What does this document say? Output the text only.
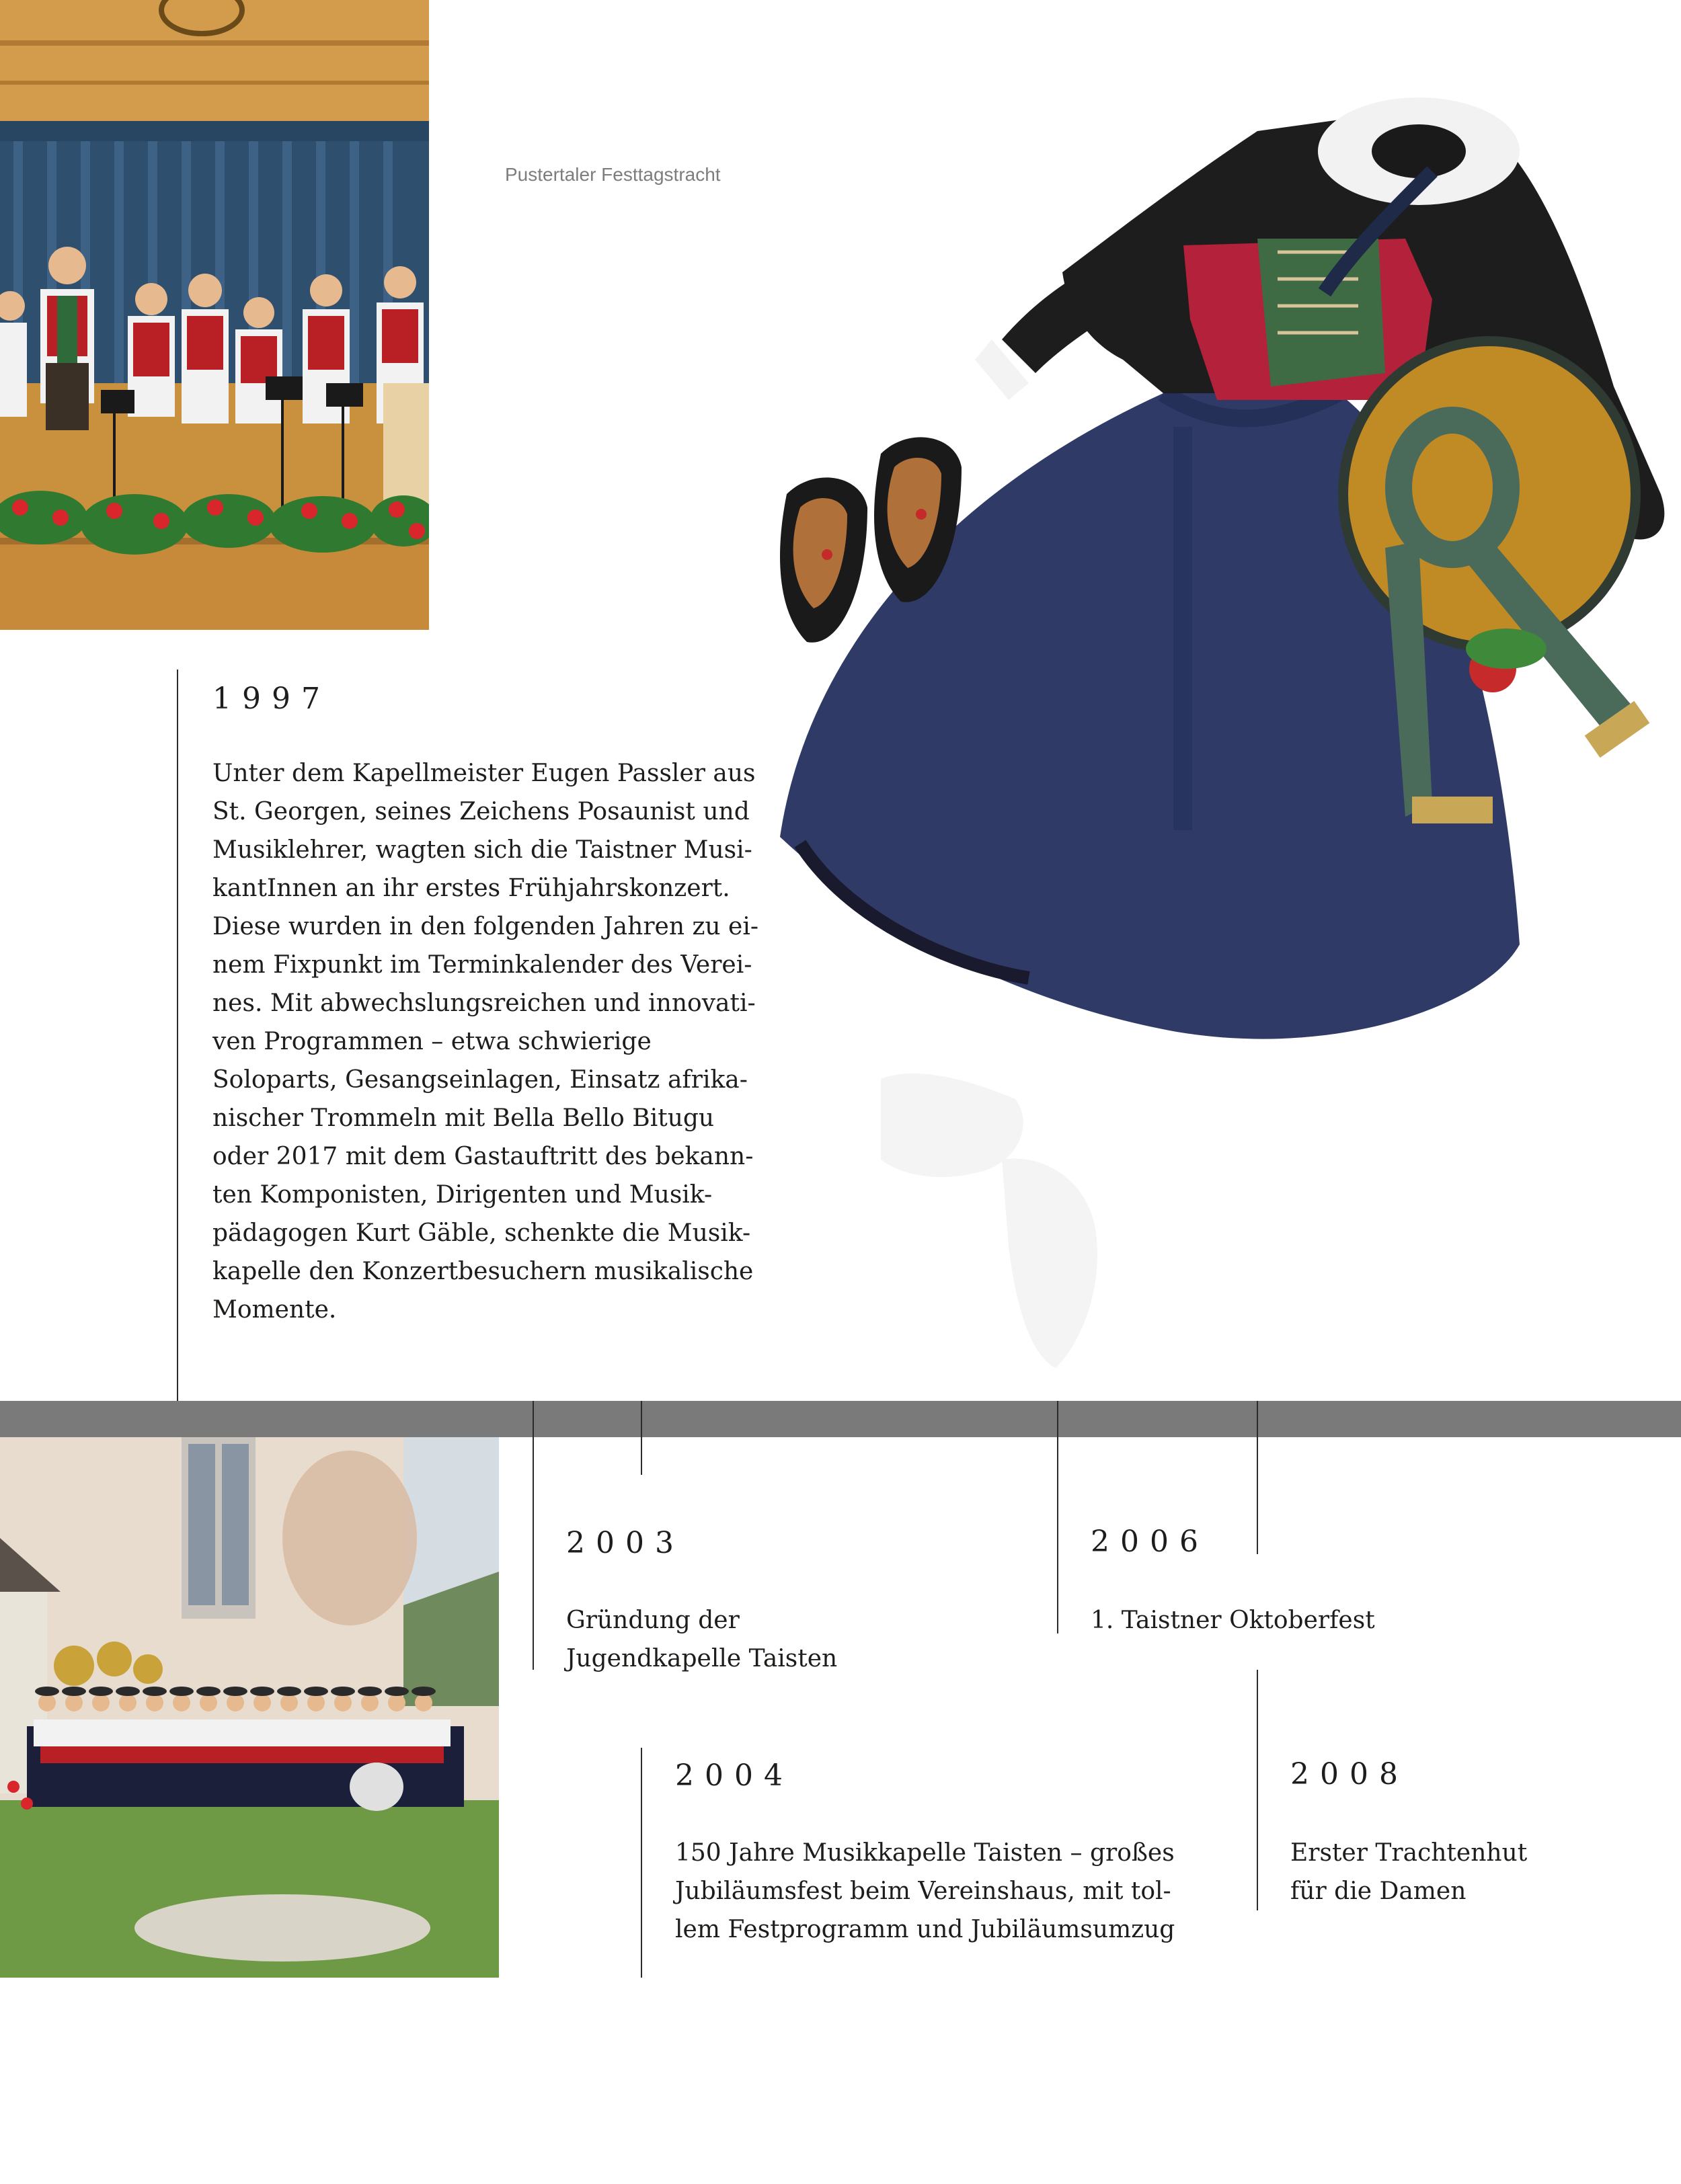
Pustertaler Festtagstracht
1997
Unter dem Kapellmeister Eugen Passler aus
St. Georgen, seines Zeichens Posaunist und
Musiklehrer, wagten sich die Taistner Musi-
kantInnen an ihr erstes Frühjahrskonzert.
Diese wurden in den folgenden Jahren zu ei-
nem Fixpunkt im Terminkalender des Verei-
nes. Mit abwechslungsreichen und innovati-
ven Programmen – etwa schwierige
Soloparts, Gesangseinlagen, Einsatz afrika-
nischer Trommeln mit Bella Bello Bitugu
oder 2017 mit dem Gastauftritt des bekann-
ten Komponisten, Dirigenten und Musik-
pädagogen Kurt Gäble, schenkte die Musik-
kapelle den Konzertbesuchern musikalische
Momente.
2003
Gründung der
Jugendkapelle Taisten
2004
150 Jahre Musikkapelle Taisten – großes
Jubiläumsfest beim Vereinshaus, mit tol-
lem Festprogramm und Jubiläumsumzug
2006
1. Taistner Oktoberfest
2008
Erster Trachtenhut
für die Damen
